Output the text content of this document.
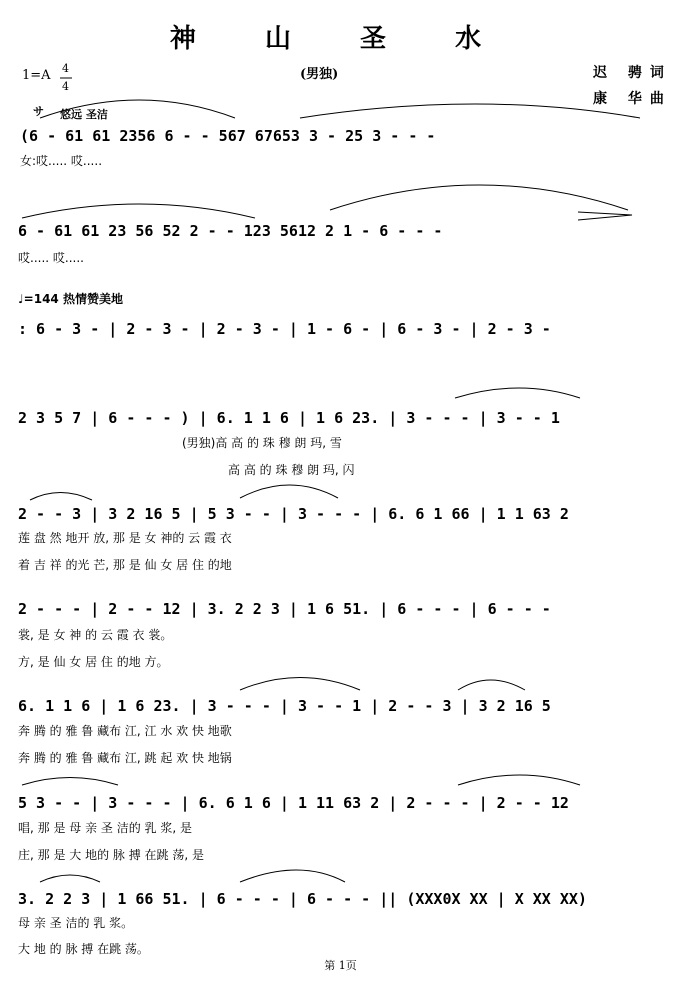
神 山 圣 水
(男独)	迟 骋词
康 华曲
1=A 4
4
サ 悠远 圣洁
(6 - 61 61 2356 6 - - 567 67653 3 - 25 3 - - -
女:哎..... 哎.....
6 - 61 61 23 56 52 2 - - 123 5612 2 1 - 6 - - -
哎..... 哎.....
♩=144 热情赞美地
: 6 - 3 - | 2 - 3 - | 2 - 3 - | 1 - 6 - | 6 - 3 - | 2 - 3 -
2 3 5 7 | 6 - - - ) | 6. 1 1 6 | 1 6 23. | 3 - - - | 3 - - 1
(男独)高 高 的 珠 穆 朗 玛, 雪
高 高 的 珠 穆 朗 玛, 闪
2 - - 3 | 3 2 16 5 | 5 3 - - | 3 - - - | 6. 6 1 66 | 1 1 63 2
莲 盘 然 地开 放, 那 是 女 神的 云 霞 衣
着 吉 祥 的光 芒, 那 是 仙 女 居 住 的地
2 - - - | 2 - - 12 | 3. 2 2 3 | 1 6 51. | 6 - - - | 6 - - -
裳, 是 女 神 的 云 霞 衣 裳。
方, 是 仙 女 居 住 的地 方。
6. 1 1 6 | 1 6 23. | 3 - - - | 3 - - 1 | 2 - - 3 | 3 2 16 5
奔 腾 的 雅 鲁 藏布 江, 江 水 欢 快 地歌
奔 腾 的 雅 鲁 藏布 江, 跳 起 欢 快 地锅
5 3 - - | 3 - - - | 6. 6 1 6 | 1 11 63 2 | 2 - - - | 2 - - 12
唱, 那 是 母 亲 圣 洁的 乳 浆, 是
庄, 那 是 大 地的 脉 搏 在跳 荡, 是
3. 2 2 3 | 1 66 51. | 6 - - - | 6 - - - || (XXX0X XX | X XX XX)
母 亲 圣 洁的 乳 浆。
大 地 的 脉 搏 在跳 荡。
第 1页
